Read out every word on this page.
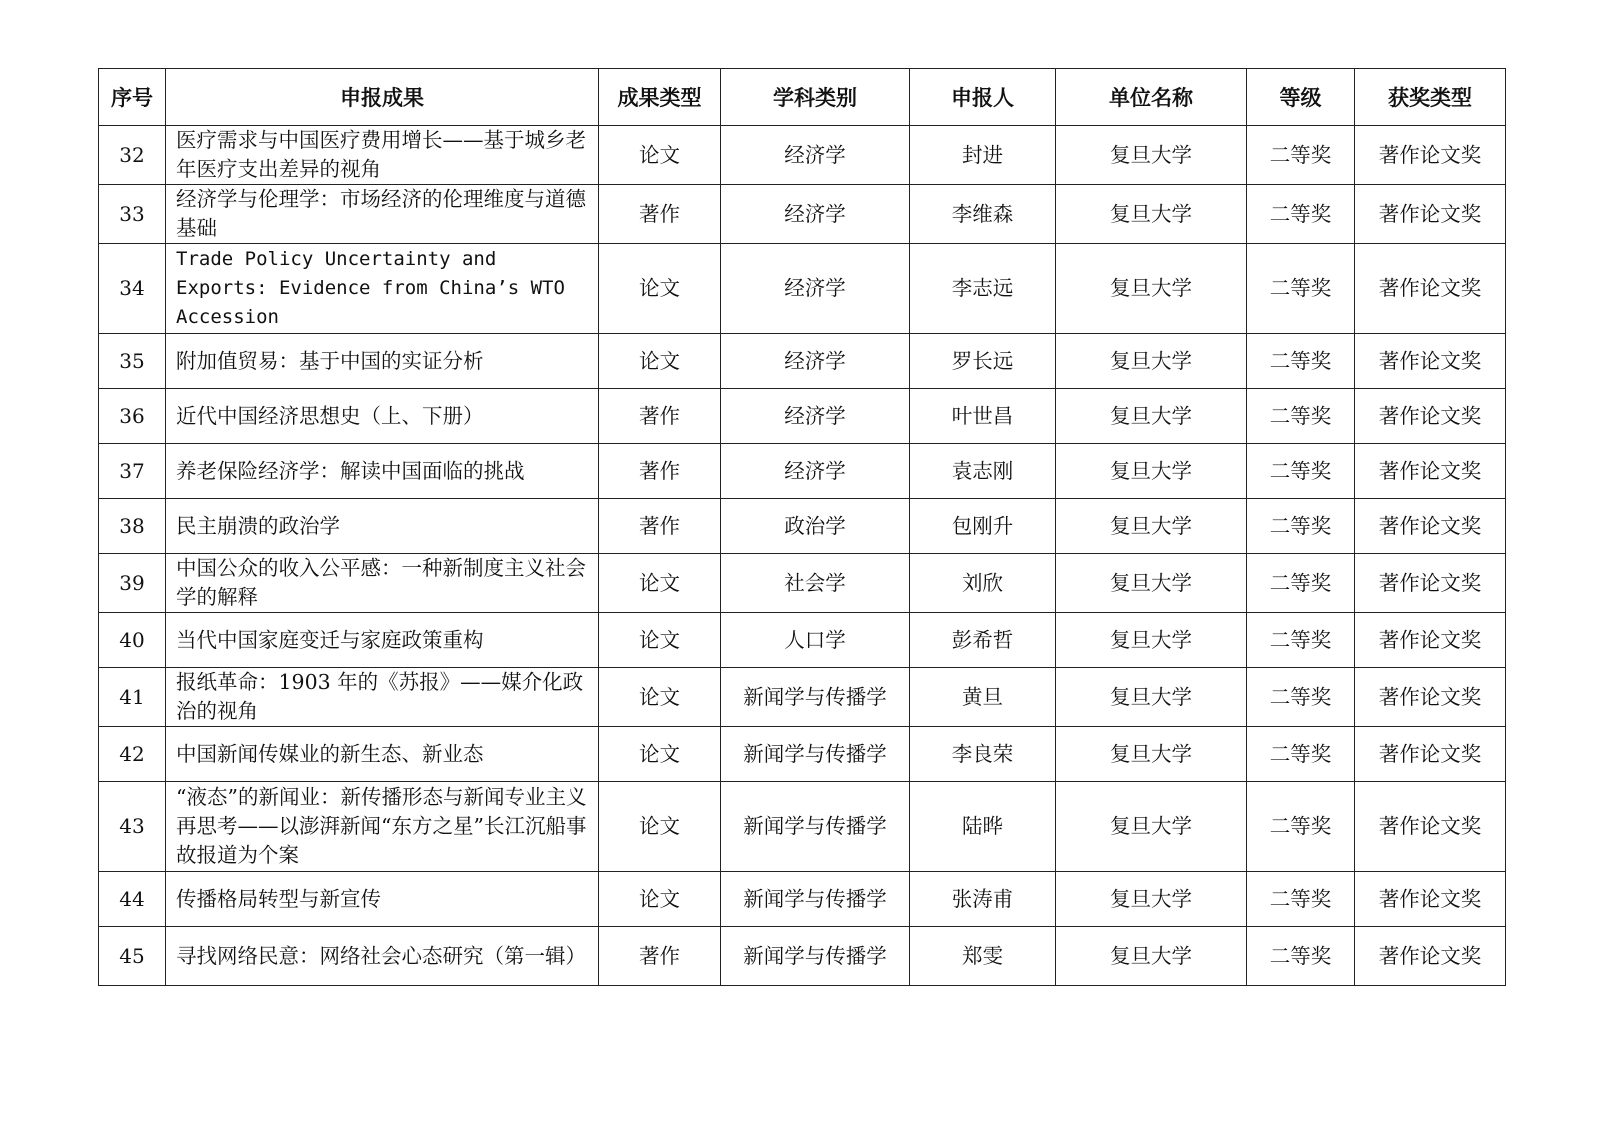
序号	申报成果	成果类型	学科类别	申报人	单位名称	等级	获奖类型
32	医疗需求与中国医疗费用增长——基于城乡老年医疗支出差异的视角	论文	经济学	封进	复旦大学	二等奖	著作论文奖
33	经济学与伦理学：市场经济的伦理维度与道德基础	著作	经济学	李维森	复旦大学	二等奖	著作论文奖
34	Trade Policy Uncertainty and Exports: Evidence from China’s WTO Accession	论文	经济学	李志远	复旦大学	二等奖	著作论文奖
35	附加值贸易：基于中国的实证分析	论文	经济学	罗长远	复旦大学	二等奖	著作论文奖
36	近代中国经济思想史（上、下册）	著作	经济学	叶世昌	复旦大学	二等奖	著作论文奖
37	养老保险经济学：解读中国面临的挑战	著作	经济学	袁志刚	复旦大学	二等奖	著作论文奖
38	民主崩溃的政治学	著作	政治学	包刚升	复旦大学	二等奖	著作论文奖
39	中国公众的收入公平感：一种新制度主义社会学的解释	论文	社会学	刘欣	复旦大学	二等奖	著作论文奖
40	当代中国家庭变迁与家庭政策重构	论文	人口学	彭希哲	复旦大学	二等奖	著作论文奖
41	报纸革命：1903 年的《苏报》——媒介化政治的视角	论文	新闻学与传播学	黄旦	复旦大学	二等奖	著作论文奖
42	中国新闻传媒业的新生态、新业态	论文	新闻学与传播学	李良荣	复旦大学	二等奖	著作论文奖
43	“液态”的新闻业：新传播形态与新闻专业主义再思考——以澎湃新闻“东方之星”长江沉船事故报道为个案	论文	新闻学与传播学	陆晔	复旦大学	二等奖	著作论文奖
44	传播格局转型与新宣传	论文	新闻学与传播学	张涛甫	复旦大学	二等奖	著作论文奖
45	寻找网络民意：网络社会心态研究（第一辑）	著作	新闻学与传播学	郑雯	复旦大学	二等奖	著作论文奖
